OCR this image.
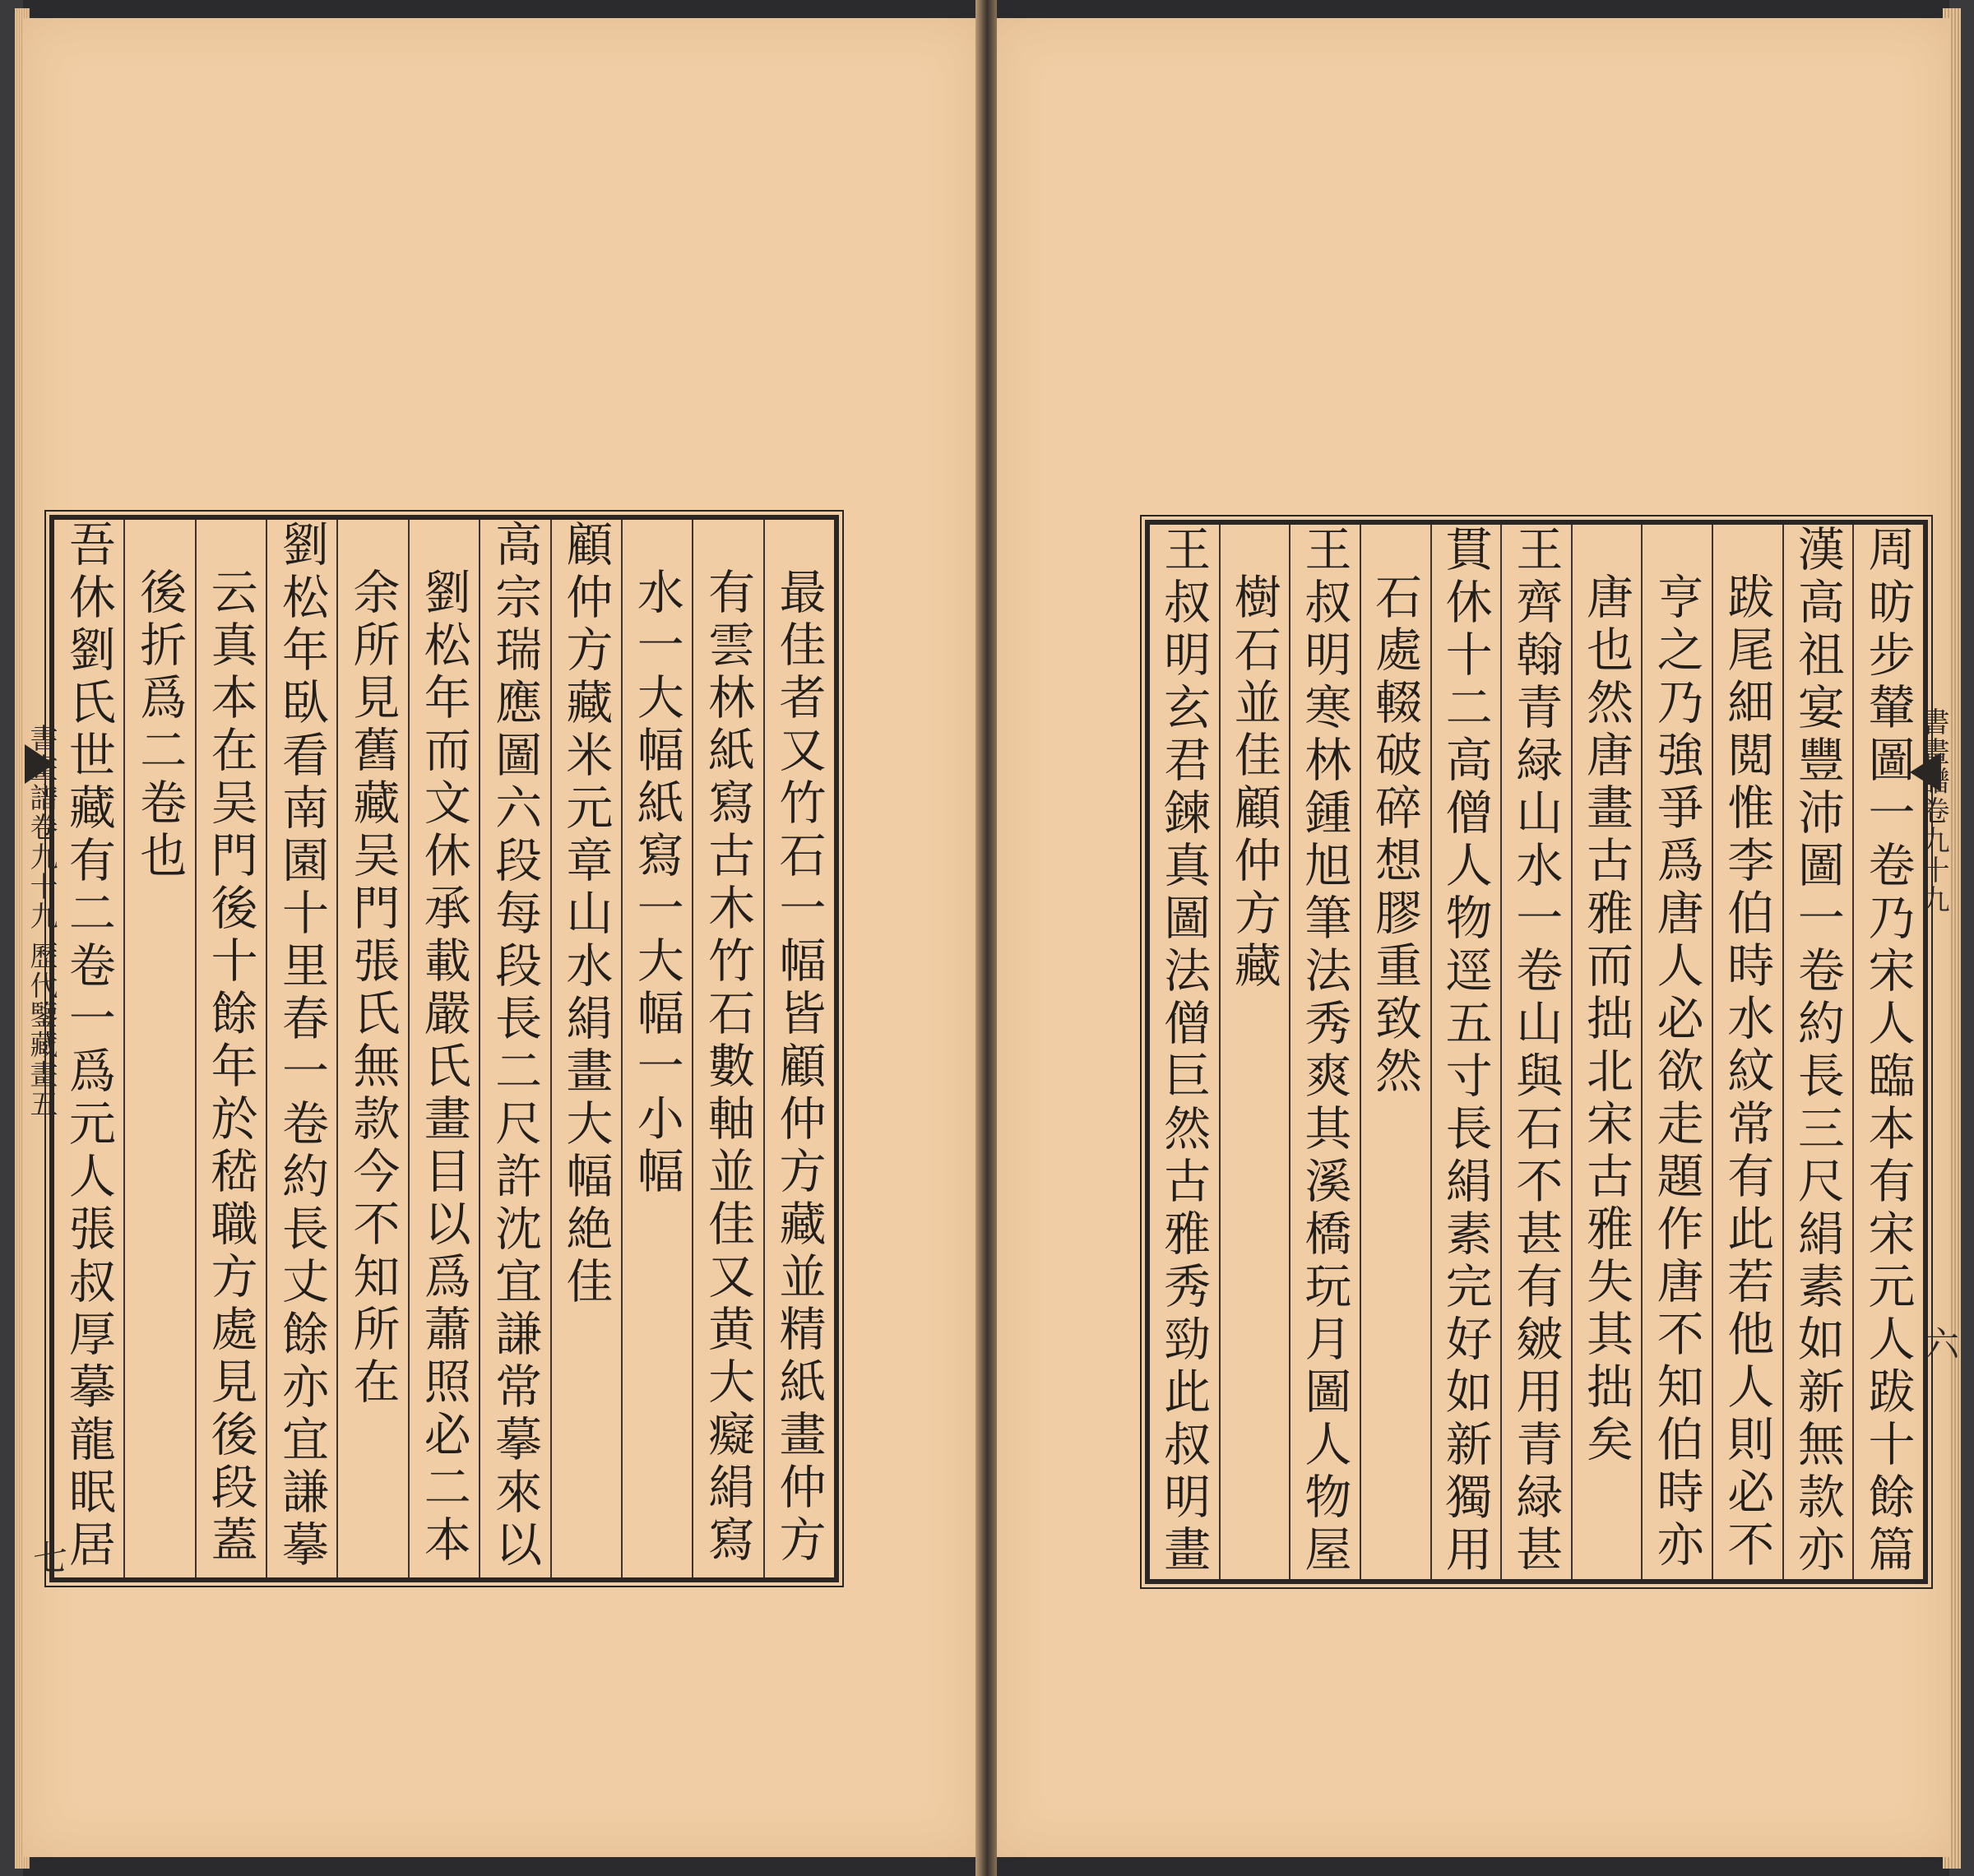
最佳者又竹石一幅皆顧仲方藏並精紙畫仲方
有雲林紙寫古木竹石數軸並佳又黄大癡絹寫
水一大幅紙寫一大幅一小幅
顧仲方藏米元章山水絹畫大幅絶佳
高宗瑞應圖六段每段長二尺許沈宜謙常摹來以
劉松年而文休承載嚴氏畫目以爲蕭照必二本
余所見舊藏吴門張氏無款今不知所在
劉松年臥看南園十里春一卷約長丈餘亦宜謙摹
云真本在吴門後十餘年於嵇職方處見後段蓋
後折爲二卷也
吾休劉氏世藏有二卷一爲元人張叔厚摹龍眠居	周昉步輦圖一卷乃宋人臨本有宋元人跋十餘篇
漢高祖宴豐沛圖一卷約長三尺絹素如新無款亦
跋尾細閲惟李伯時水紋常有此若他人則必不
亨之乃強爭爲唐人必欲走題作唐不知伯時亦
唐也然唐畫古雅而拙北宋古雅失其拙矣
王齊翰青緑山水一卷山與石不甚有皴用青緑甚
貫休十二高僧人物逕五寸長絹素完好如新獨用
石處輟破碎想膠重致然
王叔明寒林鍾旭筆法秀爽其溪橋玩月圖人物屋
樹石並佳顧仲方藏
王叔明玄君鍊真圖法僧巨然古雅秀勁此叔明畫
書畫譜卷九十九 歷代鑒藏畫五
七
書畫譜卷九十九
六
